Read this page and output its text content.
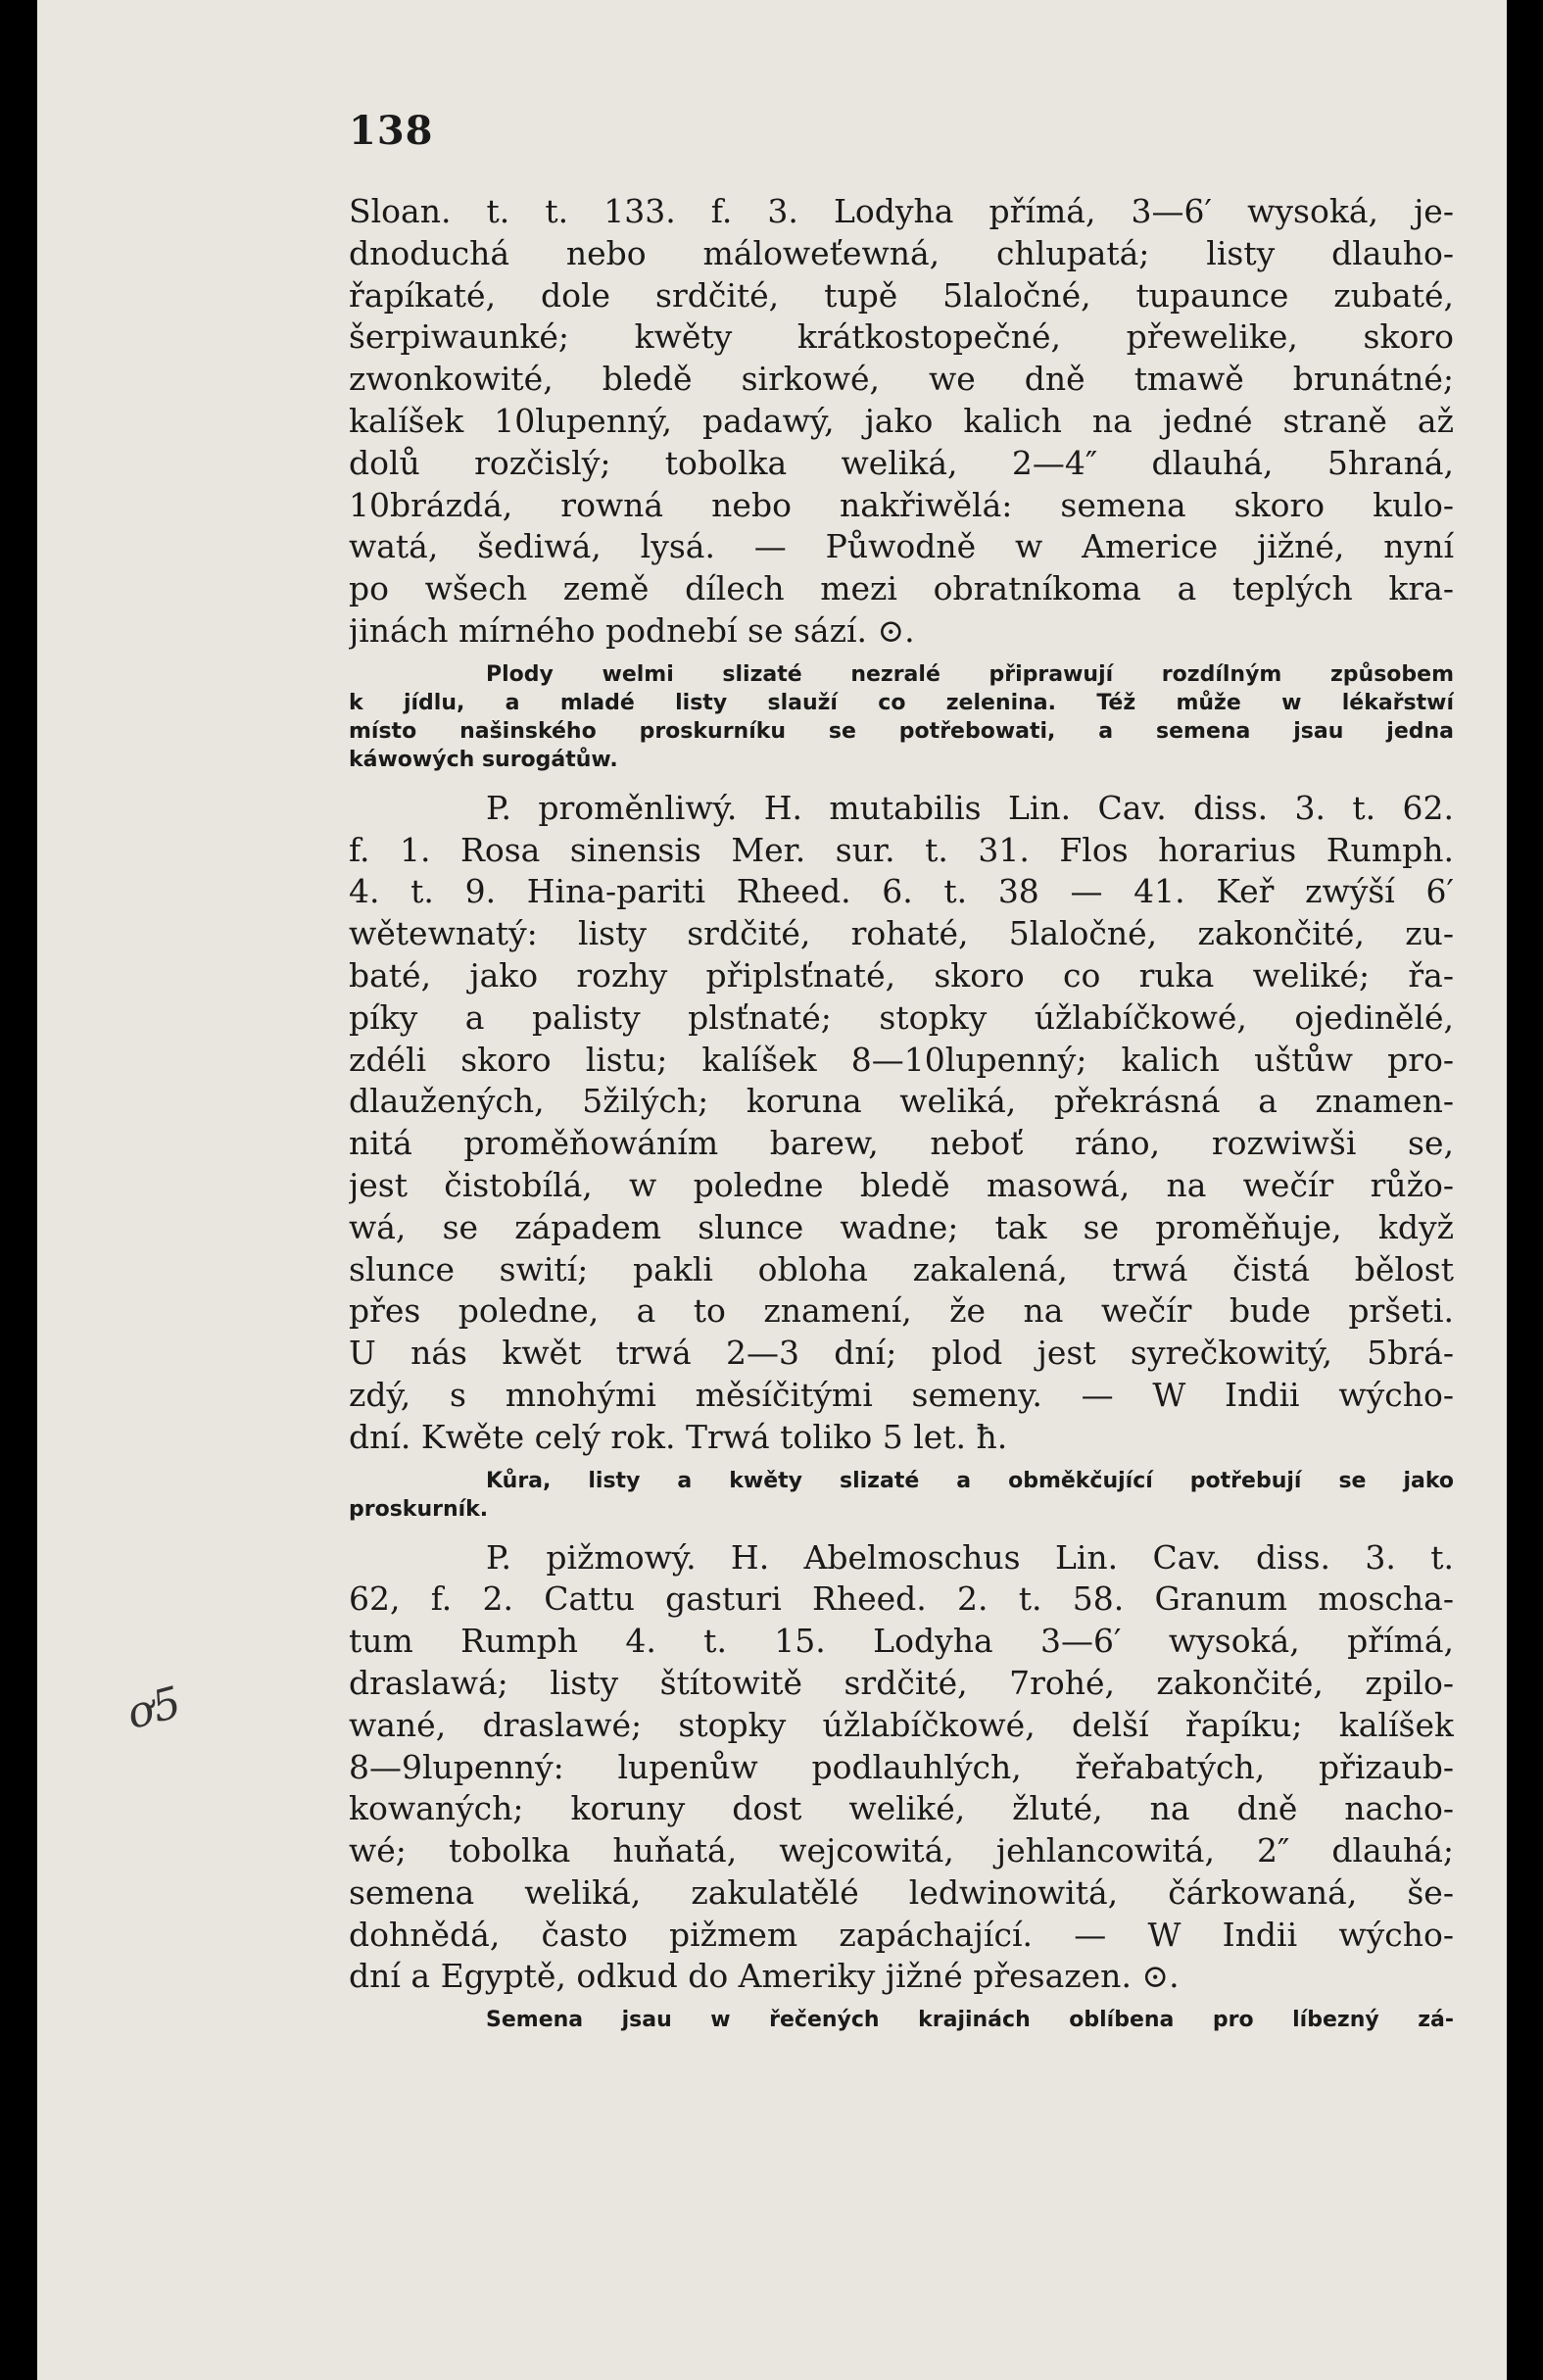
138
Sloan. t. t. 133. f. 3. Lodyha přímá, 3—6′ wysoká, je-
dnoduchá nebo máloweťewná, chlupatá; listy dlauho-
řapíkaté, dole srdčité, tupě 5laločné, tupaunce zubaté,
šerpiwaunké; kwěty krátkostopečné, přewelike, skoro
zwonkowité, bledě sirkowé, we dně tmawě brunátné;
kalíšek 10lupenný, padawý, jako kalich na jedné straně až
dolů rozčislý; tobolka weliká, 2—4″ dlauhá, 5hraná,
10brázdá, rowná nebo nakřiwělá: semena skoro kulo-
watá, šediwá, lysá. — Půwodně w Americe jižné, nyní
po wšech země dílech mezi obratníkoma a teplých kra-
jinách mírného podnebí se sází. ⊙.
Plody welmi slizaté nezralé připrawují rozdílným způsobem
k jídlu, a mladé listy slauží co zelenina. Též může w lékařstwí
místo našinského proskurníku se potřebowati, a semena jsau jedna
káwowých surogátůw.
P. proměnliwý. H. mutabilis Lin. Cav. diss. 3. t. 62.
f. 1. Rosa sinensis Mer. sur. t. 31. Flos horarius Rumph.
4. t. 9. Hina-pariti Rheed. 6. t. 38 — 41. Keř zwýší 6′
wětewnatý: listy srdčité, rohaté, 5laločné, zakončité, zu-
baté, jako rozhy připlsťnaté, skoro co ruka weliké; řa-
píky a palisty plsťnaté; stopky úžlabíčkowé, ojedinělé,
zdéli skoro listu; kalíšek 8—10lupenný; kalich uštůw pro-
dlaužených, 5žilých; koruna weliká, překrásná a znamen-
nitá proměňowáním barew, neboť ráno, rozwiwši se,
jest čistobílá, w poledne bledě masowá, na wečír růžo-
wá, se západem slunce wadne; tak se proměňuje, když
slunce swití; pakli obloha zakalená, trwá čistá bělost
přes poledne, a to znamení, že na wečír bude pršeti.
U nás kwět trwá 2—3 dní; plod jest syrečkowitý, 5brá-
zdý, s mnohými měsíčitými semeny. — W Indii wýcho-
dní. Kwěte celý rok. Trwá toliko 5 let. ħ.
Kůra, listy a kwěty slizaté a obměkčující potřebují se jako
proskurník.
P. pižmowý. H. Abelmoschus Lin. Cav. diss. 3. t.
62, f. 2. Cattu gasturi Rheed. 2. t. 58. Granum moscha-
tum Rumph 4. t. 15. Lodyha 3—6′ wysoká, přímá,
draslawá; listy štítowitě srdčité, 7rohé, zakončité, zpilo-
wané, draslawé; stopky úžlabíčkowé, delší řapíku; kalíšek
8—9lupenný: lupenůw podlauhlých, řeřabatých, přizaub-
kowaných; koruny dost weliké, žluté, na dně nacho-
wé; tobolka huňatá, wejcowitá, jehlancowitá, 2″ dlauhá;
semena weliká, zakulatělé ledwinowitá, čárkowaná, še-
dohnědá, často pižmem zapáchající. — W Indii wýcho-
dní a Egyptě, odkud do Ameriky jižné přesazen. ⊙.
Semena jsau w řečených krajinách oblíbena pro líbezný zá-
ơ5
